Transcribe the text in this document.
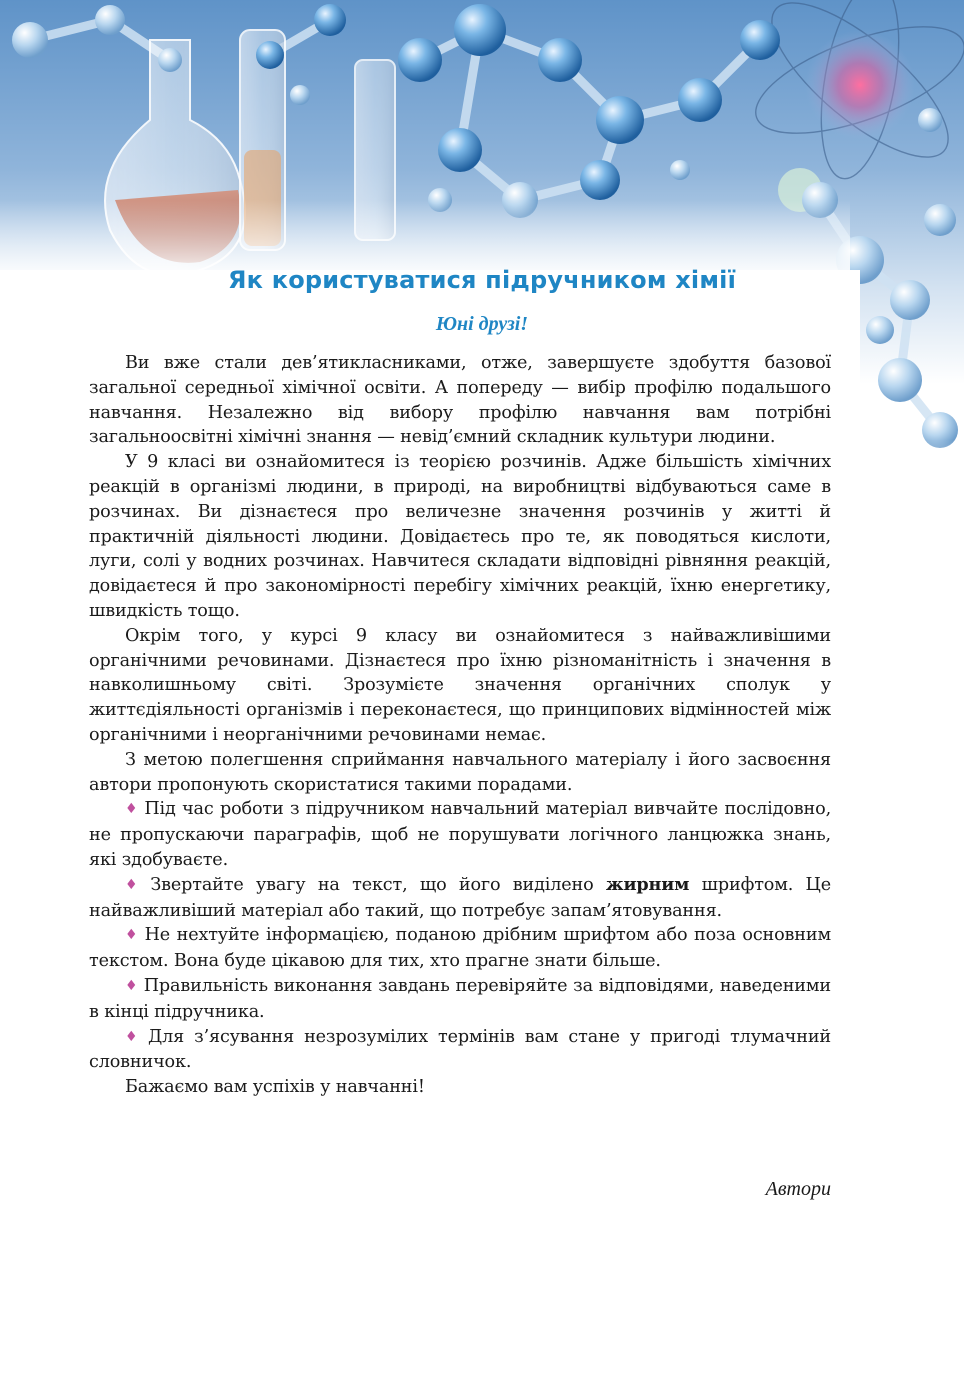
Як користуватися підручником хімії
Юні друзі!

Ви вже стали дев’ятикласниками, отже, завершуєте здобуття базової загальної середньої хімічної освіти. А попереду — вибір профілю подальшого навчання. Незалежно від вибору профілю навчання вам потрібні загальноосвітні хімічні знання — невід’ємний складник культури людини.

У 9 класі ви ознайомитеся із теорією розчинів. Адже більшість хімічних реакцій в організмі людини, в природі, на виробництві відбуваються саме в розчинах. Ви дізнаєтеся про величезне значення розчинів у житті й практичній діяльності людини. Довідаєтесь про те, як поводяться кислоти, луги, солі у водних розчинах. Навчитеся складати відповідні рівняння реакцій, довідаєтеся й про закономірності перебігу хімічних реакцій, їхню енергетику, швидкість тощо.

Окрім того, у курсі 9 класу ви ознайомитеся з найважливішими органічними речовинами. Дізнаєтеся про їхню різноманітність і значення в навколишньому світі. Зрозумієте значення органічних сполук у життєдіяльності організмів і переконаєтеся, що принципових відмінностей між органічними і неорганічними речовинами немає.

З метою полегшення сприймання навчального матеріалу і його засвоєння автори пропонують скористатися такими порадами.

♦ Під час роботи з підручником навчальний матеріал вивчайте послідовно, не пропускаючи параграфів, щоб не порушувати логічного ланцюжка знань, які здобуваєте.

♦ Звертайте увагу на текст, що його виділено жирним шрифтом. Це найважливіший матеріал або такий, що потребує запам’ятовування.

♦ Не нехтуйте інформацією, поданою дрібним шрифтом або поза основним текстом. Вона буде цікавою для тих, хто прагне знати більше.

♦ Правильність виконання завдань перевіряйте за відповідями, наведеними в кінці підручника.

♦ Для з’ясування незрозумілих термінів вам стане у пригоді тлумачний словничок.

Бажаємо вам успіхів у навчанні!

Автори
